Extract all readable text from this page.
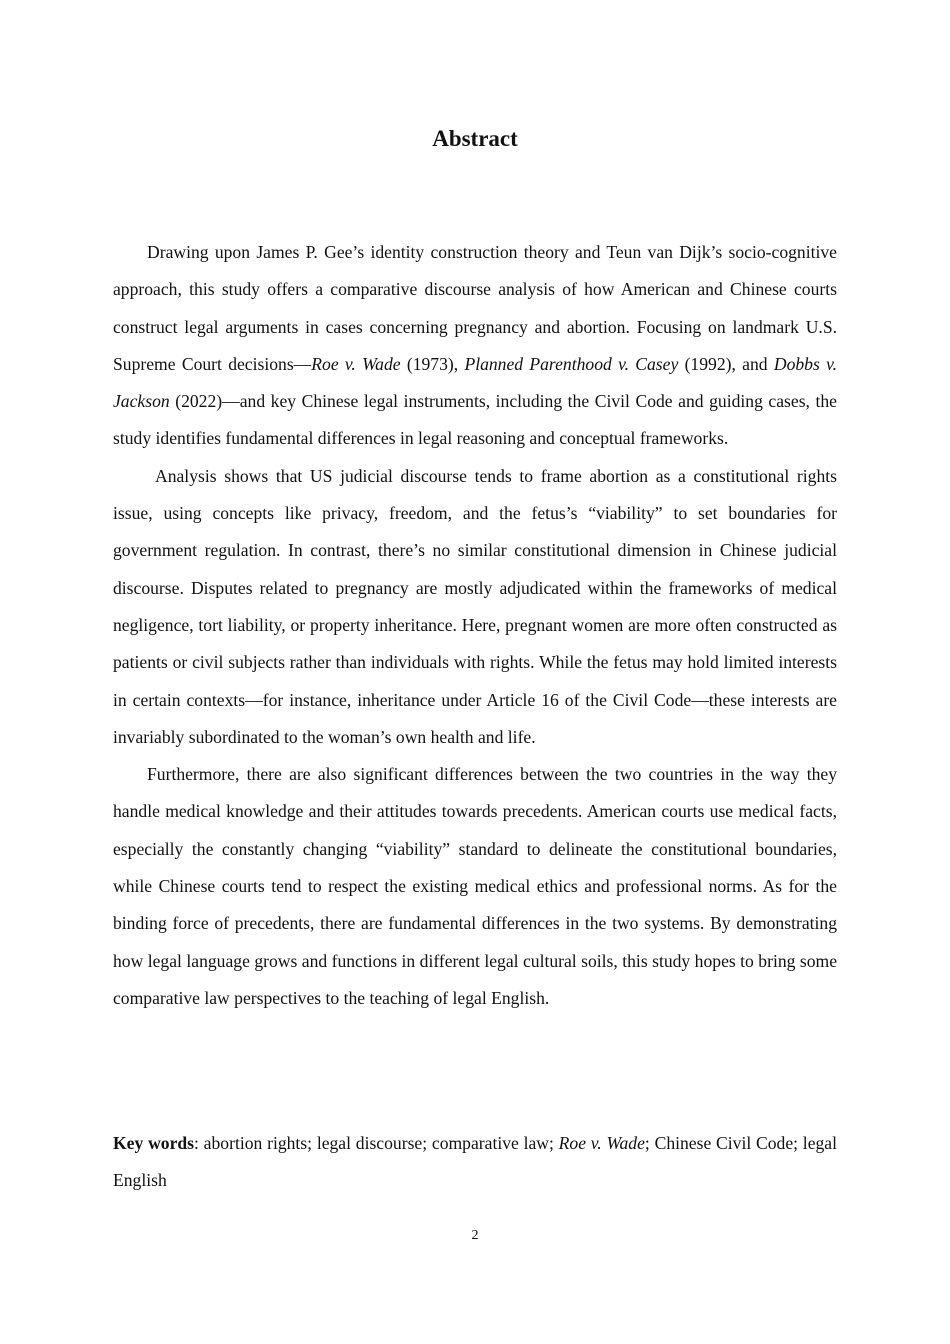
Abstract

Drawing upon James P. Gee’s identity construction theory and Teun van Dijk’s socio-cognitive approach, this study offers a comparative discourse analysis of how American and Chinese courts construct legal arguments in cases concerning pregnancy and abortion. Focusing on landmark U.S. Supreme Court decisions—Roe v. Wade (1973), Planned Parenthood v. Casey (1992), and Dobbs v. Jackson (2022)—and key Chinese legal instruments, including the Civil Code and guiding cases, the study identifies fundamental differences in legal reasoning and conceptual frameworks.

Analysis shows that US judicial discourse tends to frame abortion as a constitutional rights issue, using concepts like privacy, freedom, and the fetus’s “viability” to set boundaries for government regulation. In contrast, there’s no similar constitutional dimension in Chinese judicial discourse. Disputes related to pregnancy are mostly adjudicated within the frameworks of medical negligence, tort liability, or property inheritance. Here, pregnant women are more often constructed as patients or civil subjects rather than individuals with rights. While the fetus may hold limited interests in certain contexts—for instance, inheritance under Article 16 of the Civil Code—these interests are invariably subordinated to the woman’s own health and life.

Furthermore, there are also significant differences between the two countries in the way they handle medical knowledge and their attitudes towards precedents. American courts use medical facts, especially the constantly changing “viability” standard to delineate the constitutional boundaries, while Chinese courts tend to respect the existing medical ethics and professional norms. As for the binding force of precedents, there are fundamental differences in the two systems. By demonstrating how legal language grows and functions in different legal cultural soils, this study hopes to bring some comparative law perspectives to the teaching of legal English.

Key words: abortion rights; legal discourse; comparative law; Roe v. Wade; Chinese Civil Code; legal English

2
